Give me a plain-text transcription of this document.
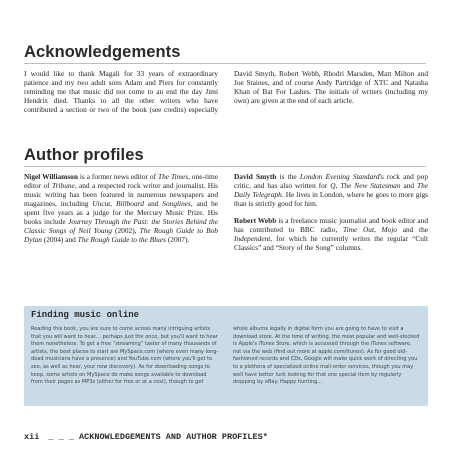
Acknowledgements

I would like to thank Magali for 33 years of extraordinary patience and my two adult sons Adam and Piers for constantly reminding me that music did not come to an end the day Jimi Hendrix died. Thanks to all the other writers who have contributed a section or two of the book (see credits) especially David Smyth, Robert Webb, Rhodri Marsden, Matt Milton and Joe Staines, and of course Andy Partridge of XTC and Natasha Khan of Bat For Lashes. The initials of writers (including my own) are given at the end of each article.

Author profiles

Nigel Williamson is a former news editor of The Times, one-time editor of Tribune, and a respected rock writer and journalist. His music writing has been featured in numerous newspapers and magazines, including Uncut, Billboard and Songlines, and he spent five years as a judge for the Mercury Music Prize. His books include Journey Through the Past: the Stories Behind the Classic Songs of Neil Young (2002), The Rough Guide to Bob Dylan (2004) and The Rough Guide to the Blues (2007).

David Smyth is the London Evening Standard's rock and pop critic, and has also written for Q, The New Statesman and The Daily Telegraph. He lives in London, where he goes to more gigs than is strictly good for him.

Robert Webb is a freelance music journalist and book editor and has contributed to BBC radio, Time Out, Mojo and the Independent, for which he currently writes the regular “Cult Classics” and “Story of the Song” columns.

Finding music online
Reading this book, you are sure to come across many intriguing artists that you will want to hear… perhaps just the once, but you'll want to hear them nonetheless. To get a free “streaming” taster of many thousands of artists, the best places to start are MySpace.com (where even many long-dead musicians have a presence) and YouTube.com (where you'll get to see, as well as hear, your new discovery). As for downloading songs to keep, some artists on MySpace do make songs available to download from their pages as MP3s (either for free or at a cost), though to get whole albums legally in digital form you are going to have to visit a download store. At the time of writing, the most popular and well-stocked is Apple's iTunes Store, which is accessed through the iTunes software, not via the web (find out more at apple.com/itunes). As for good old-fashioned records and CDs, Google will make quick work of directing you to a plethora of specialized online mail-order services, though you may well have better luck looking for that one special item by regularly dropping by eBay. Happy hunting…
xii _ _ _ ACKNOWLEDGEMENTS AND AUTHOR PROFILES*
